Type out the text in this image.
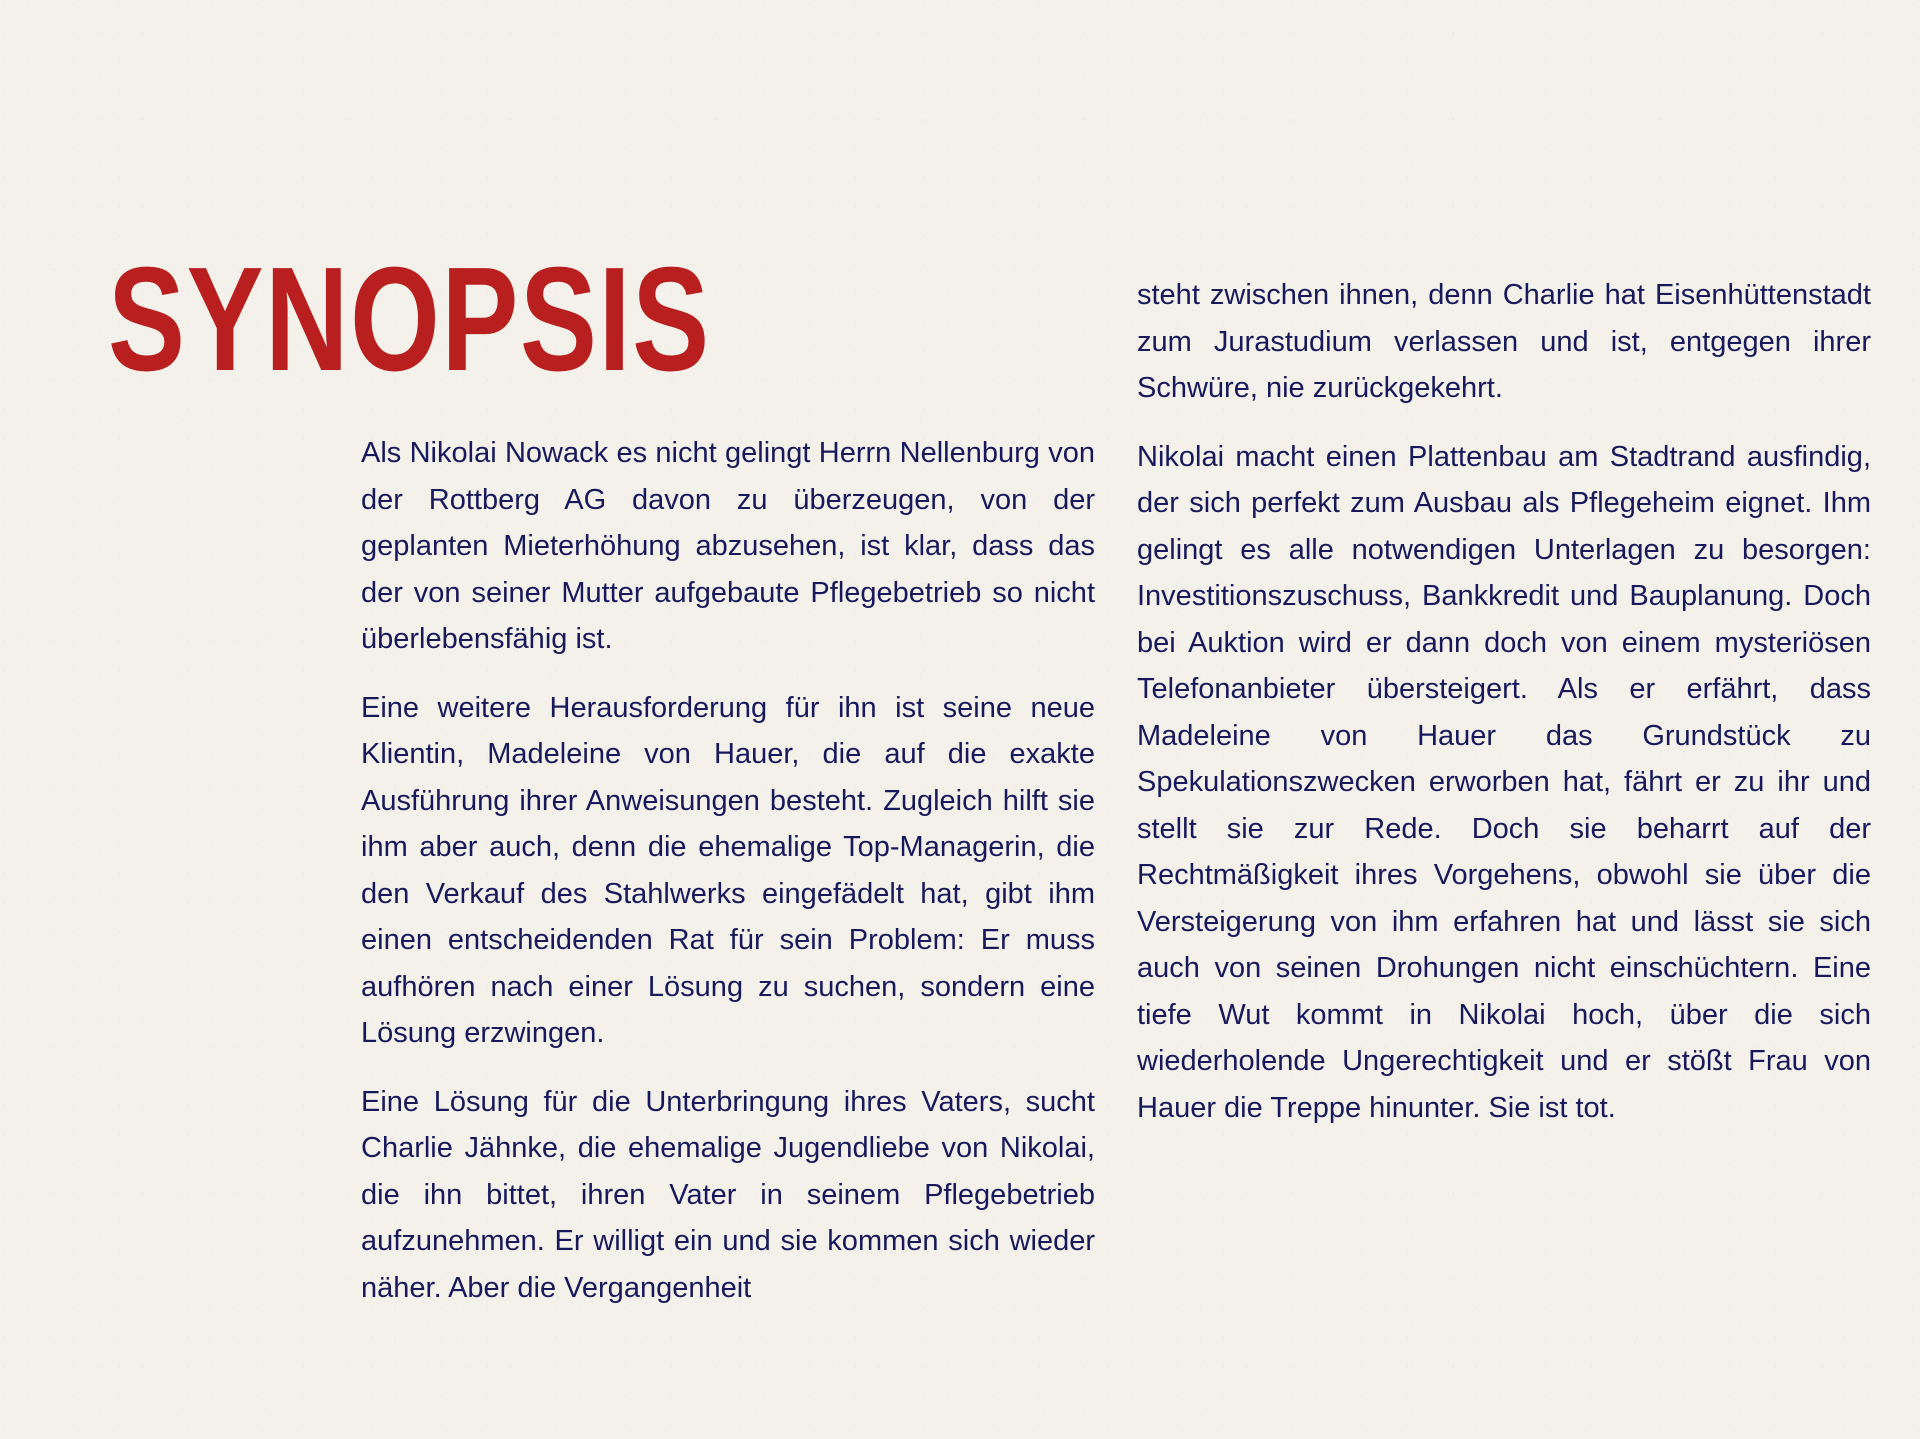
SYNOPSIS

Als Nikolai Nowack es nicht gelingt Herrn Nellenburg von der Rottberg AG davon zu überzeugen, von der geplanten Mieterhöhung abzusehen, ist klar, dass das der von seiner Mutter aufgebaute Pflegebetrieb so nicht überlebensfähig ist.

Eine weitere Herausforderung für ihn ist seine neue Klientin, Madeleine von Hauer, die auf die exakte Ausführung ihrer Anweisungen besteht. Zugleich hilft sie ihm aber auch, denn die ehemalige Top-Managerin, die den Verkauf des Stahlwerks eingefädelt hat, gibt ihm einen entscheidenden Rat für sein Problem: Er muss aufhören nach einer Lösung zu suchen, sondern eine Lösung erzwingen.

Eine Lösung für die Unterbringung ihres Vaters, sucht Charlie Jähnke, die ehemalige Jugendliebe von Nikolai, die ihn bittet, ihren Vater in seinem Pflegebetrieb aufzunehmen. Er willigt ein und sie kommen sich wieder näher. Aber die Vergangenheit

steht zwischen ihnen, denn Charlie hat Eisenhüttenstadt zum Jurastudium verlassen und ist, entgegen ihrer Schwüre, nie zurückgekehrt.

Nikolai macht einen Plattenbau am Stadtrand ausfindig, der sich perfekt zum Ausbau als Pflegeheim eignet. Ihm gelingt es alle notwendigen Unterlagen zu besorgen: Investitionszuschuss, Bankkredit und Bauplanung. Doch bei Auktion wird er dann doch von einem mysteriösen Telefonanbieter übersteigert. Als er erfährt, dass Madeleine von Hauer das Grundstück zu Spekulationszwecken erworben hat, fährt er zu ihr und stellt sie zur Rede. Doch sie beharrt auf der Rechtmäßigkeit ihres Vorgehens, obwohl sie über die Versteigerung von ihm erfahren hat und lässt sie sich auch von seinen Drohungen nicht einschüchtern. Eine tiefe Wut kommt in Nikolai hoch, über die sich wiederholende Ungerechtigkeit und er stößt Frau von Hauer die Treppe hinunter. Sie ist tot.
